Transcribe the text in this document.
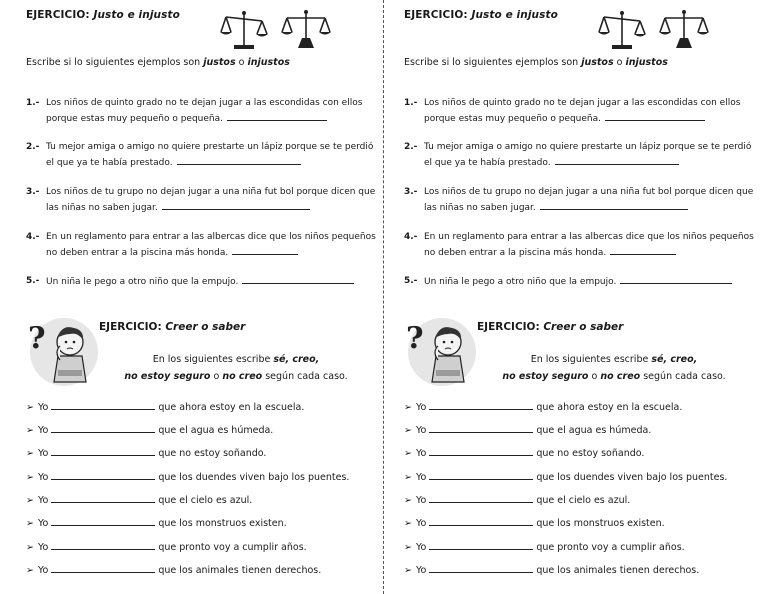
EJERCICIO: Justo e injusto
Escribe si lo siguientes ejemplos son justos o injustos
1.- Los niños de quinto grado no te dejan jugar a las escondidas con ellos porque estas muy pequeño o pequeña.
2.- Tu mejor amiga o amigo no quiere prestarte un lápiz porque se te perdió el que ya te había prestado.
3.- Los niños de tu grupo no dejan jugar a una niña fut bol porque dicen que las niñas no saben jugar.
4.- En un reglamento para entrar a las albercas dice que los niños pequeños no deben entrar a la piscina más honda.
5.- Un niña le pego a otro niño que la empujo.
?	EJERCICIO: Creer o saber
En los siguientes escribe sé, creo,
no estoy seguro o no creo según cada caso.
➢ Yo	que ahora estoy en la escuela.
➢ Yo	que el agua es húmeda.
➢ Yo	que no estoy soñando.
➢ Yo	que los duendes viven bajo los puentes.
➢ Yo	que el cielo es azul.
➢ Yo	que los monstruos existen.
➢ Yo	que pronto voy a cumplir años.
➢ Yo	que los animales tienen derechos.
EJERCICIO: Justo e injusto
Escribe si lo siguientes ejemplos son justos o injustos
1.- Los niños de quinto grado no te dejan jugar a las escondidas con ellos porque estas muy pequeño o pequeña.
2.- Tu mejor amiga o amigo no quiere prestarte un lápiz porque se te perdió el que ya te había prestado.
3.- Los niños de tu grupo no dejan jugar a una niña fut bol porque dicen que las niñas no saben jugar.
4.- En un reglamento para entrar a las albercas dice que los niños pequeños no deben entrar a la piscina más honda.
5.- Un niña le pego a otro niño que la empujo.
?	EJERCICIO: Creer o saber
En los siguientes escribe sé, creo,
no estoy seguro o no creo según cada caso.
➢ Yo	que ahora estoy en la escuela.
➢ Yo	que el agua es húmeda.
➢ Yo	que no estoy soñando.
➢ Yo	que los duendes viven bajo los puentes.
➢ Yo	que el cielo es azul.
➢ Yo	que los monstruos existen.
➢ Yo	que pronto voy a cumplir años.
➢ Yo	que los animales tienen derechos.
